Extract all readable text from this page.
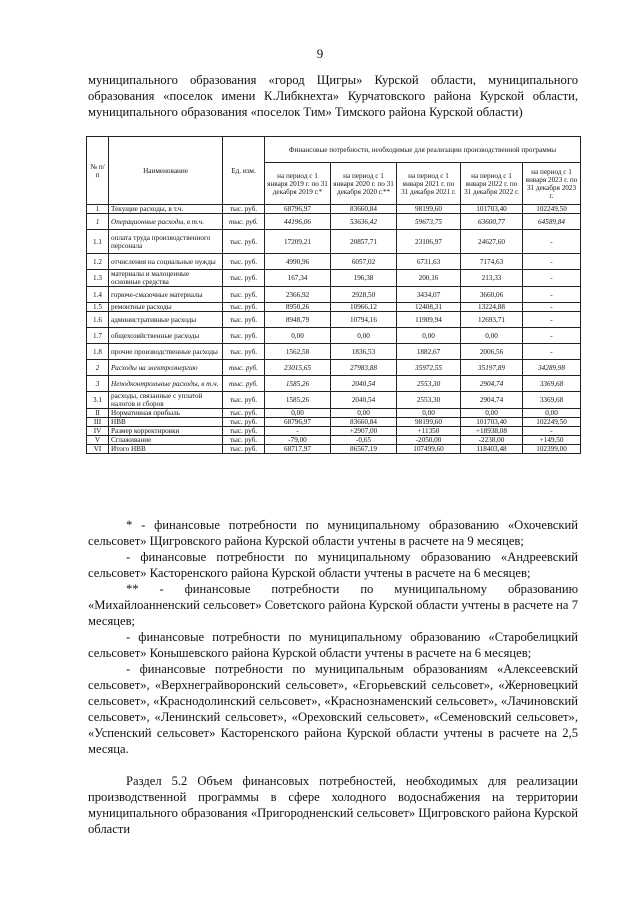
9
муниципального образования «город Щигры» Курской области, муниципального образования «поселок имени К.Либкнехта» Курчатовского района Курской области, муниципального образования «поселок Тим» Тимского района Курской области)
№ п/п	Наименование	Ед. изм.	Финансовые потребности, необходимые для реализации производственной программы				
			на период с 1 января 2019 г. по 31 декабря 2019 г.*	на период с 1 января 2020 г. по 31 декабря 2020 г.**	на период с 1 января 2021 г. по 31 декабря 2021 г.	на период с 1 января 2022 г. по 31 декабря 2022 г.	на период с 1 января 2023 г. по 31 декабря 2023 г.
1	Текущие расходы, в т.ч.	тыс. руб.	68796,97	83660,84	98199,60	101703,40	102249,50
1	Операционные расходы, в т.ч.	тыс. руб.	44196,06	53636,42	59673,75	63600,77	64589,84
1.1	оплата труда производственного персонала	тыс. руб.	17209,21	20857,71	23106,97	24627,60	-
1.2	отчисления на социальные нужды	тыс. руб.	4990,96	6057,02	6731,63	7174,63	-
1.3	материалы и малоценные основные средства	тыс. руб.	167,34	196,38	200,16	213,33	-
1.4	горюче-смазочные материалы	тыс. руб.	2366,92	2928,50	3434,07	3660,06	-
1.5	ремонтные расходы	тыс. руб.	8950,26	10966,12	12408,31	13224,88	-
1.6	административные расходы	тыс. руб.	8948,79	10794,16	11909,94	12693,71	-
1.7	общехозяйственные расходы	тыс. руб.	0,00	0,00	0,00	0,00	-
1.8	прочие производственные расходы	тыс. руб.	1562,58	1836,53	1882,67	2006,56	-
2	Расходы на электроэнергию	тыс. руб.	23015,65	27983,88	35972,55	35197,89	34289,98
3	Неподконтрольные расходы, в т.ч.	тыс. руб.	1585,26	2040,54	2553,30	2904,74	3369,68
3.1	расходы, связанные с уплатой налогов и сборов	тыс. руб.	1585,26	2040,54	2553,30	2904,74	3369,68
II	Нормативная прибыль	тыс. руб.	0,00	0,00	0,00	0,00	0,00
III	НВВ	тыс. руб.	68796,97	83660,84	98199,60	101703,40	102249,50
IV	Размер корректировки	тыс. руб.	-	+2907,00	+11350	+18938,08	-
V	Сглаживание	тыс. руб.	-79,00	-0,65	-2050,00	-2238,00	+149,50
VI	Итого НВВ	тыс. руб.	68717,97	86567,19	107499,60	118403,48	102399,00

* - финансовые потребности по муниципальному образованию «Охочевский сельсовет» Щигровского района Курской области учтены в расчете на 9 месяцев;

- финансовые потребности по муниципальному образованию «Андреевский сельсовет» Касторенского района Курской области учтены в расчете на 6 месяцев;

** - финансовые потребности по муниципальному образованию «Михайлоанненский сельсовет» Советского района Курской области учтены в расчете на 7 месяцев;

- финансовые потребности по муниципальному образованию «Старобелицкий сельсовет» Конышевского района Курской области учтены в расчете на 6 месяцев;

- финансовые потребности по муниципальным образованиям «Алексеевский сельсовет», «Верхнеграйворонский сельсовет», «Егорьевский сельсовет», «Жерновецкий сельсовет», «Краснодолинский сельсовет», «Краснознаменский сельсовет», «Лачиновский сельсовет», «Ленинский сельсовет», «Ореховский сельсовет», «Семеновский сельсовет», «Успенский сельсовет» Касторенского района Курской области учтены в расчете на 2,5 месяца.

Раздел 5.2 Объем финансовых потребностей, необходимых для реализации производственной программы в сфере холодного водоснабжения на территории муниципального образования «Пригородненский сельсовет» Щигровского района Курской области
